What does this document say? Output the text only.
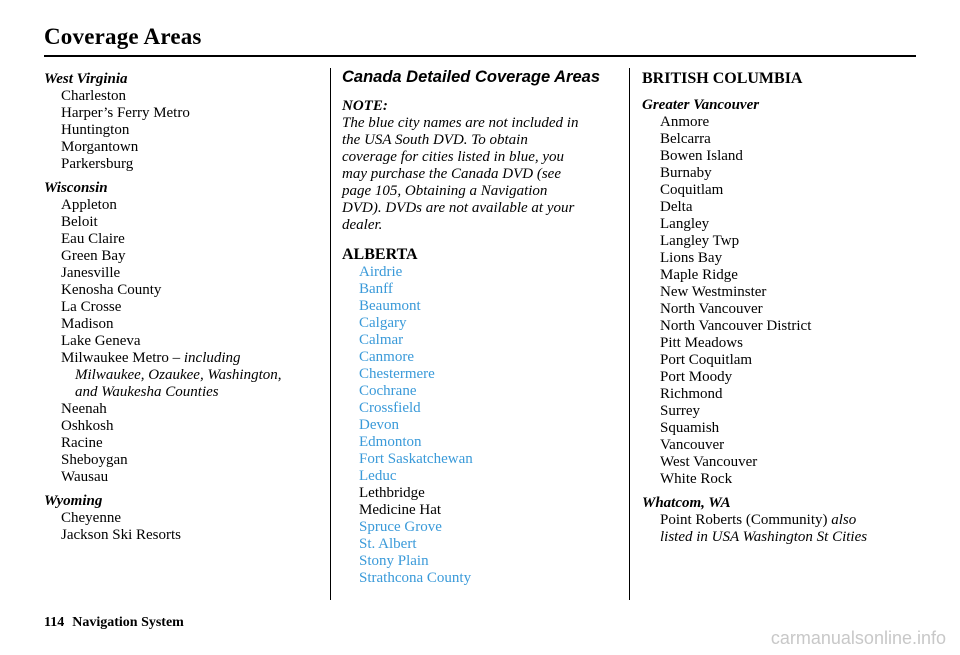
Coverage Areas
West Virginia
Charleston
Harper’s Ferry Metro
Huntington
Morgantown
Parkersburg
Wisconsin
Appleton
Beloit
Eau Claire
Green Bay
Janesville
Kenosha County
La Crosse
Madison
Lake Geneva
Milwaukee Metro – including
Milwaukee, Ozaukee, Washington,
and Waukesha Counties
Neenah
Oshkosh
Racine
Sheboygan
Wausau
Wyoming
Cheyenne
Jackson Ski Resorts
Canada Detailed Coverage Areas
NOTE:
The blue city names are not included in
the USA South DVD. To obtain
coverage for cities listed in blue, you
may purchase the Canada DVD (see
page 105, Obtaining a Navigation
DVD). DVDs are not available at your
dealer.
ALBERTA
Airdrie
Banff
Beaumont
Calgary
Calmar
Canmore
Chestermere
Cochrane
Crossfield
Devon
Edmonton
Fort Saskatchewan
Leduc
Lethbridge
Medicine Hat
Spruce Grove
St. Albert
Stony Plain
Strathcona County
BRITISH COLUMBIA
Greater Vancouver
Anmore
Belcarra
Bowen Island
Burnaby
Coquitlam
Delta
Langley
Langley Twp
Lions Bay
Maple Ridge
New Westminster
North Vancouver
North Vancouver District
Pitt Meadows
Port Coquitlam
Port Moody
Richmond
Surrey
Squamish
Vancouver
West Vancouver
White Rock
Whatcom, WA
Point Roberts (Community) also
listed in USA Washington St Cities
114 Navigation System
carmanualsonline.info
